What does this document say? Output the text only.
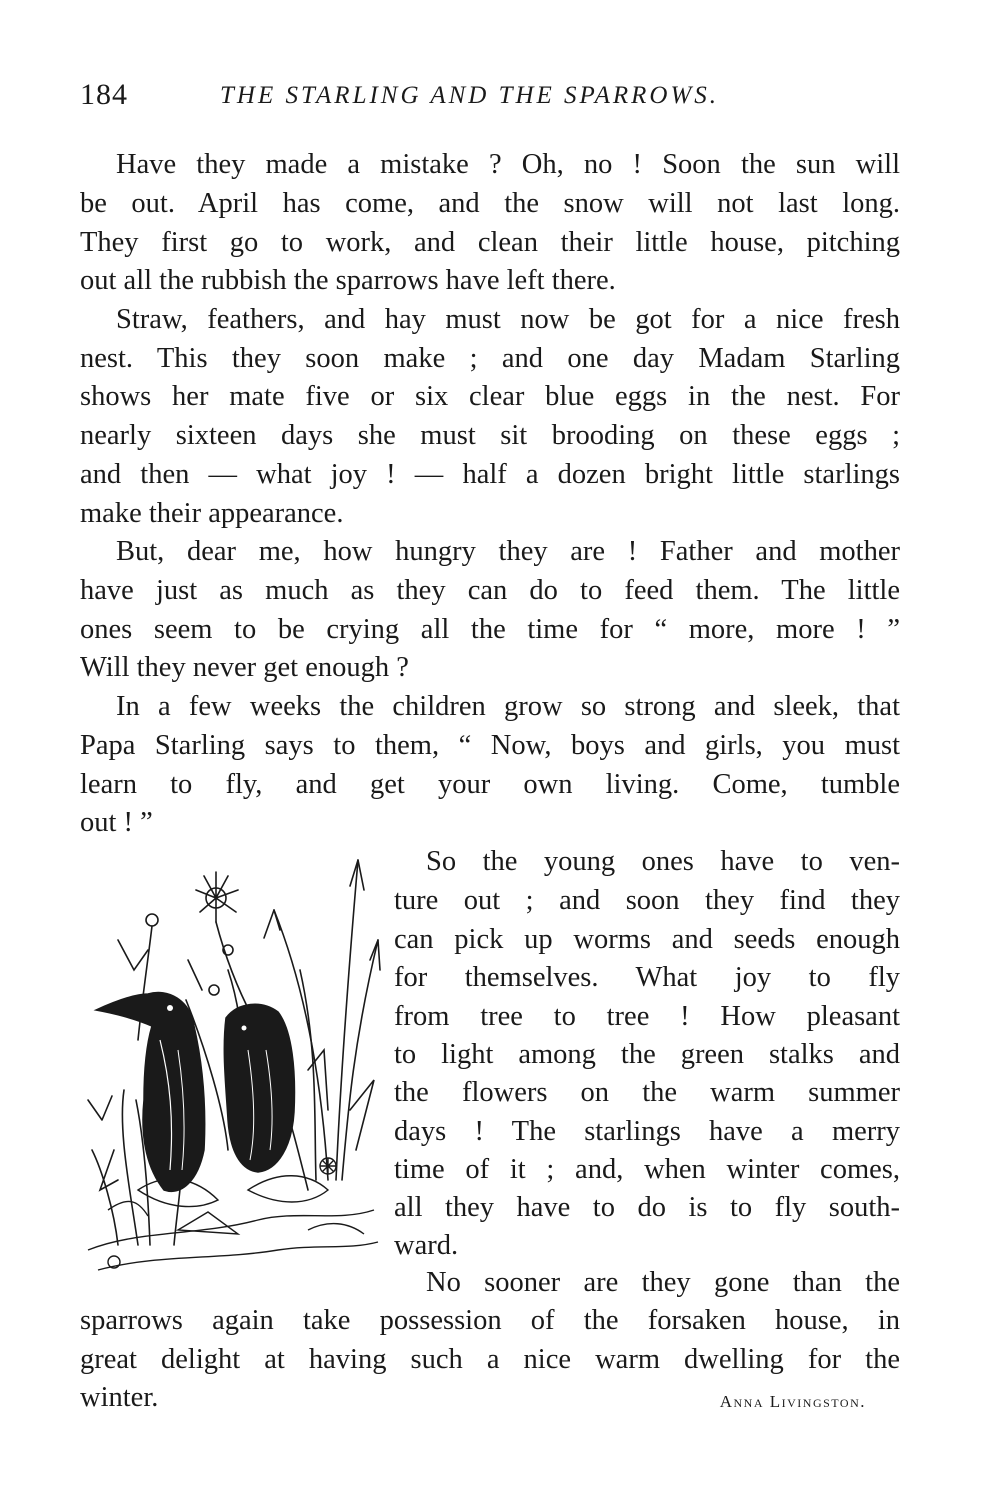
184	THE STARLING AND THE SPARROWS.
Have they made a mistake ? Oh, no ! Soon the sun will
be out. April has come, and the snow will not last long.
They first go to work, and clean their little house, pitching
out all the rubbish the sparrows have left there.
Straw, feathers, and hay must now be got for a nice fresh
nest. This they soon make ; and one day Madam Starling
shows her mate five or six clear blue eggs in the nest. For
nearly sixteen days she must sit brooding on these eggs ;
and then — what joy ! — half a dozen bright little starlings
make their appearance.
But, dear me, how hungry they are ! Father and mother
have just as much as they can do to feed them. The little
ones seem to be crying all the time for “ more, more ! ”
Will they never get enough ?
In a few weeks the children grow so strong and sleek, that
Papa Starling says to them, “ Now, boys and girls, you must
learn to fly, and get your own living. Come, tumble
out ! ”
So the young ones have to ven-
ture out ; and soon they find they
can pick up worms and seeds enough
for themselves. What joy to fly
from tree to tree ! How pleasant
to light among the green stalks and
the flowers on the warm summer
days ! The starlings have a merry
time of it ; and, when winter comes,
all they have to do is to fly south-
ward.
No sooner are they gone than the
sparrows again take possession of the forsaken house, in
great delight at having such a nice warm dwelling for the
winter.	Anna Livingston.
